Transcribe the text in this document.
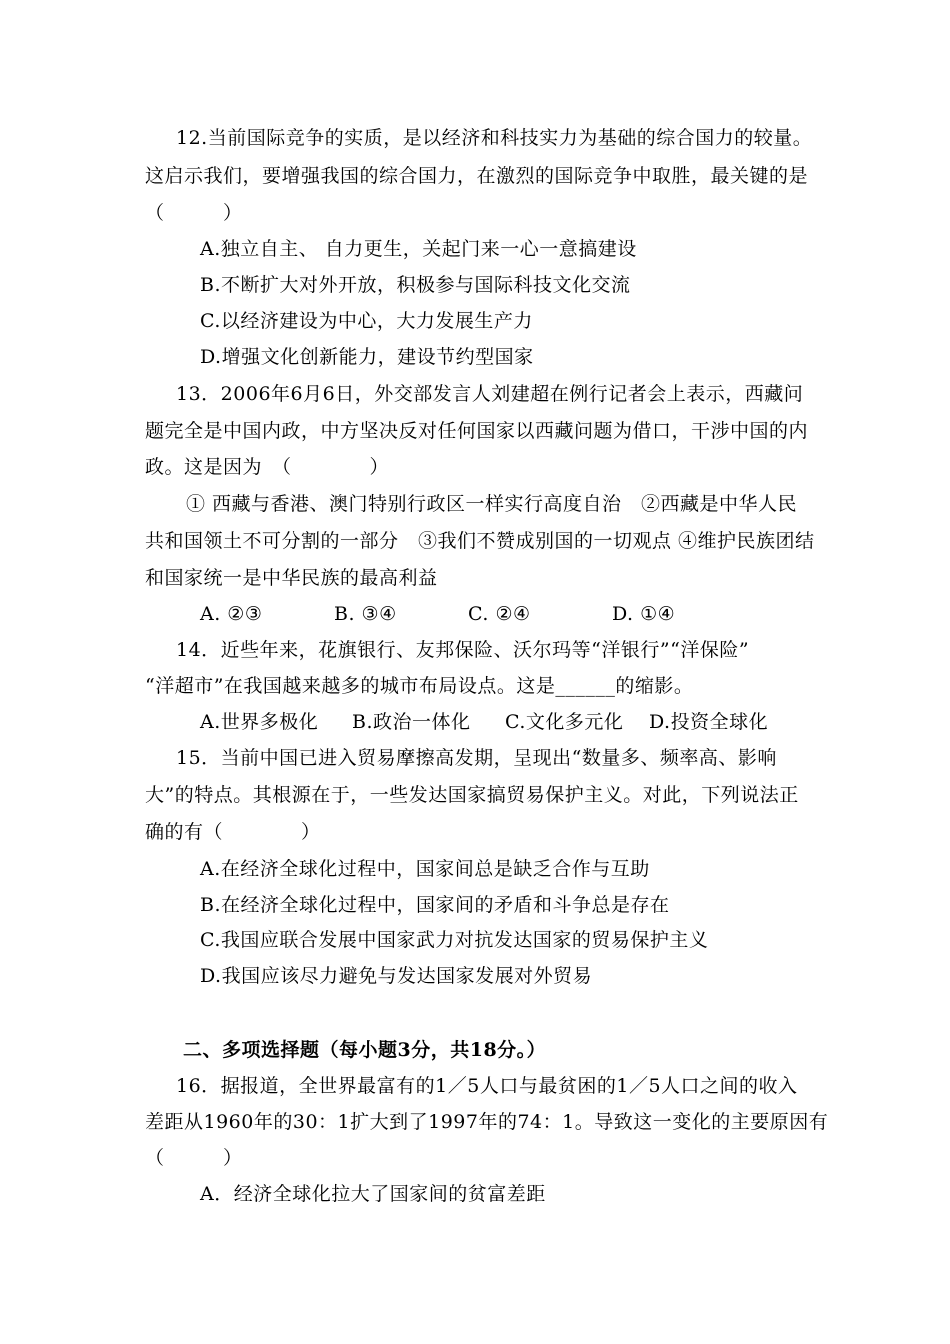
12.当前国际竞争的实质，是以经济和科技实力为基础的综合国力的较量。
这启示我们，要增强我国的综合国力，在激烈的国际竞争中取胜，最关键的是
（　　　）
A.独立自主、 自力更生，关起门来一心一意搞建设
B.不断扩大对外开放，积极参与国际科技文化交流
C.以经济建设为中心，大力发展生产力
D.增强文化创新能力，建设节约型国家
13．2006年6月6日，外交部发言人刘建超在例行记者会上表示，西藏问
题完全是中国内政，中方坚决反对任何国家以西藏问题为借口，干涉中国的内
政。这是因为　（　　　　）
① 西藏与香港、澳门特别行政区一样实行高度自治　②西藏是中华人民
共和国领土不可分割的一部分　③我们不赞成别国的一切观点 ④维护民族团结
和国家统一是中华民族的最高利益
A. ②③	B. ③④	C. ②④	D. ①④
14．近些年来，花旗银行、友邦保险、沃尔玛等“洋银行”“洋保险”
“洋超市”在我国越来越多的城市布局设点。这是______的缩影。
A.世界多极化 B.政治一体化 C.文化多元化 D.投资全球化
15．当前中国已进入贸易摩擦高发期，呈现出“数量多、频率高、影响
大”的特点。其根源在于，一些发达国家搞贸易保护主义。对此，下列说法正
确的有（　　　　）
A.在经济全球化过程中，国家间总是缺乏合作与互助
B.在经济全球化过程中，国家间的矛盾和斗争总是存在
C.我国应联合发展中国家武力对抗发达国家的贸易保护主义
D.我国应该尽力避免与发达国家发展对外贸易
二、多项选择题（每小题3分，共18分。）
16．据报道，全世界最富有的1／5人口与最贫困的1／5人口之间的收入
差距从1960年的30：1扩大到了1997年的74：1。导致这一变化的主要原因有
（　　　）
A．经济全球化拉大了国家间的贫富差距
